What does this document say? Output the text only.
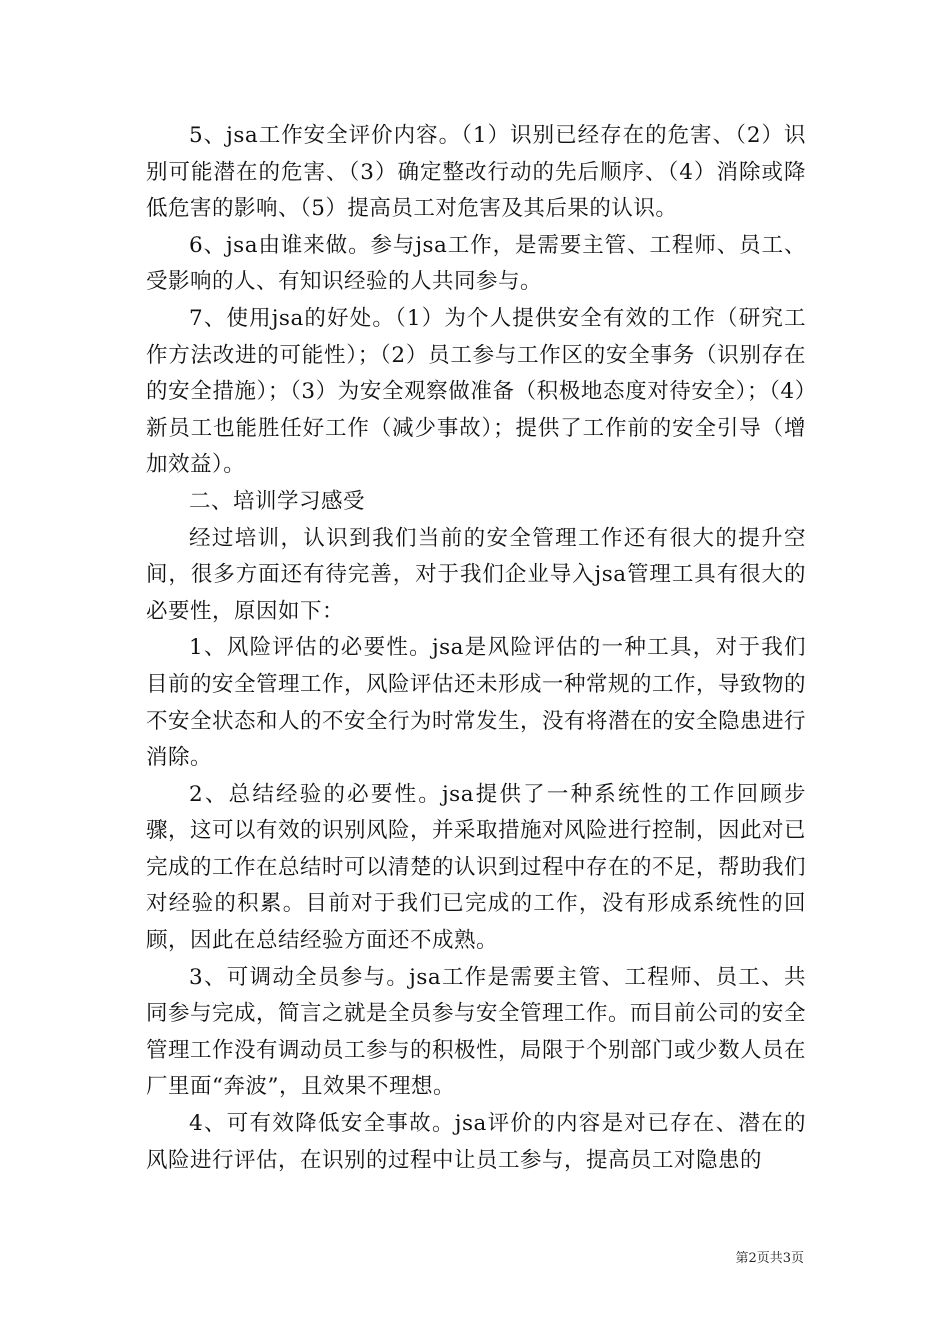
5、jsa工作安全评价内容。（1）识别已经存在的危害、（2）识别可能潜在的危害、（3）确定整改行动的先后顺序、（4）消除或降低危害的影响、（5）提高员工对危害及其后果的认识。

6、jsa由谁来做。参与jsa工作，是需要主管、工程师、员工、受影响的人、有知识经验的人共同参与。

7、使用jsa的好处。（1）为个人提供安全有效的工作（研究工作方法改进的可能性）；（2）员工参与工作区的安全事务（识别存在的安全措施）；（3）为安全观察做准备（积极地态度对待安全）；（4）新员工也能胜任好工作（减少事故）；提供了工作前的安全引导（增加效益）。

二、培训学习感受

经过培训，认识到我们当前的安全管理工作还有很大的提升空间，很多方面还有待完善，对于我们企业导入jsa管理工具有很大的必要性，原因如下：

1、风险评估的必要性。jsa是风险评估的一种工具，对于我们目前的安全管理工作，风险评估还未形成一种常规的工作，导致物的不安全状态和人的不安全行为时常发生，没有将潜在的安全隐患进行消除。

2、总结经验的必要性。jsa提供了一种系统性的工作回顾步骤，这可以有效的识别风险，并采取措施对风险进行控制，因此对已完成的工作在总结时可以清楚的认识到过程中存在的不足，帮助我们对经验的积累。目前对于我们已完成的工作，没有形成系统性的回顾，因此在总结经验方面还不成熟。

3、可调动全员参与。jsa工作是需要主管、工程师、员工、共同参与完成，简言之就是全员参与安全管理工作。而目前公司的安全管理工作没有调动员工参与的积极性，局限于个别部门或少数人员在厂里面“奔波”，且效果不理想。

4、可有效降低安全事故。jsa评价的内容是对已存在、潜在的风险进行评估，在识别的过程中让员工参与，提高员工对隐患的

第2页共3页
